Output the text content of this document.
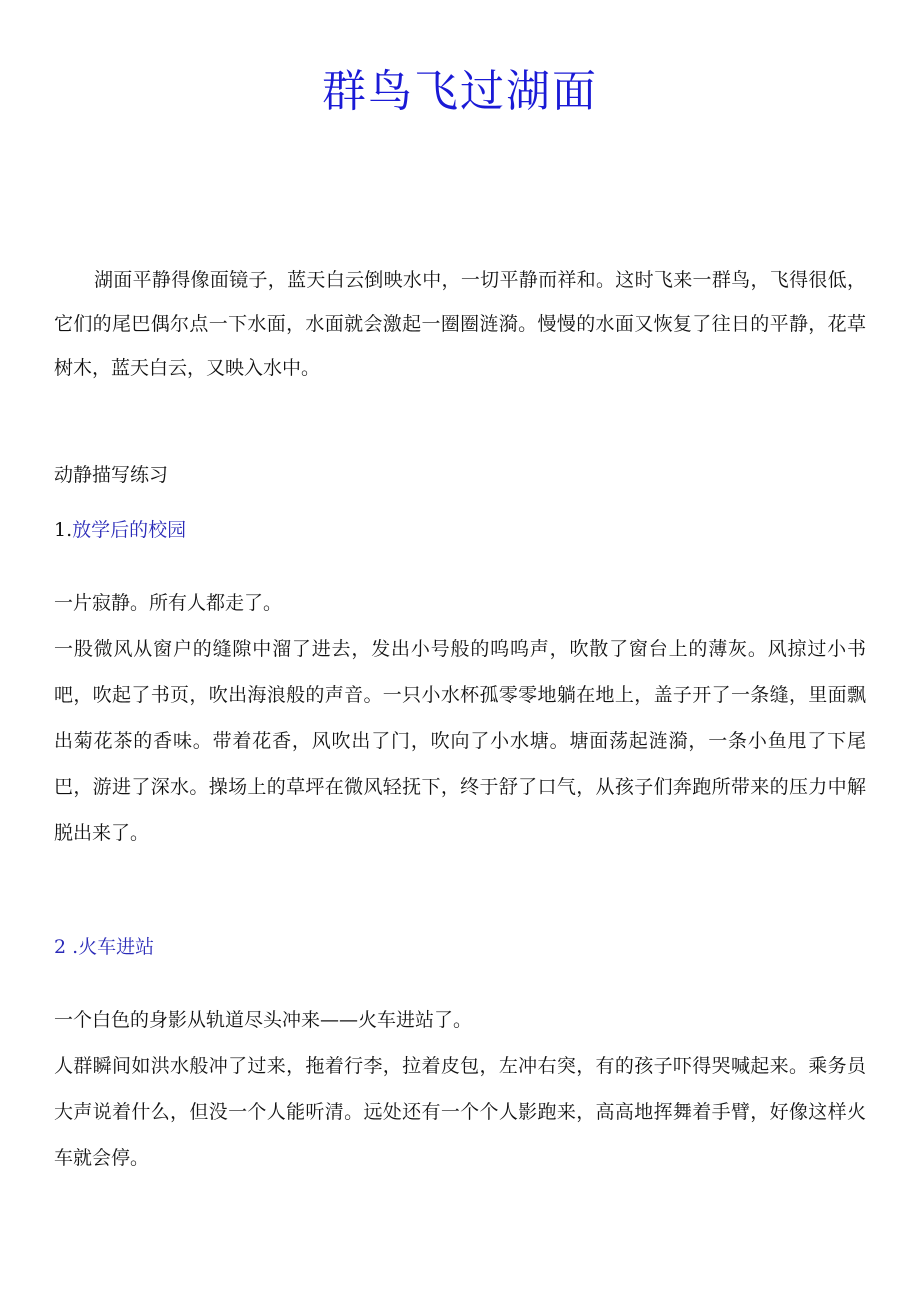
群鸟飞过湖面

湖面平静得像面镜子，蓝天白云倒映水中，一切平静而祥和。这时飞来一群鸟，飞得很低，它们的尾巴偶尔点一下水面，水面就会激起一圈圈涟漪。慢慢的水面又恢复了往日的平静，花草树木，蓝天白云，又映入水中。

动静描写练习

1.放学后的校园

一片寂静。所有人都走了。

一股微风从窗户的缝隙中溜了进去，发出小号般的呜呜声，吹散了窗台上的薄灰。风掠过小书吧，吹起了书页，吹出海浪般的声音。一只小水杯孤零零地躺在地上，盖子开了一条缝，里面飘出菊花茶的香味。带着花香，风吹出了门，吹向了小水塘。塘面荡起涟漪，一条小鱼甩了下尾巴，游进了深水。操场上的草坪在微风轻抚下，终于舒了口气，从孩子们奔跑所带来的压力中解脱出来了。

2 .火车进站

一个白色的身影从轨道尽头冲来——火车进站了。

人群瞬间如洪水般冲了过来，拖着行李，拉着皮包，左冲右突，有的孩子吓得哭喊起来。乘务员大声说着什么，但没一个人能听清。远处还有一个个人影跑来，高高地挥舞着手臂，好像这样火车就会停。
